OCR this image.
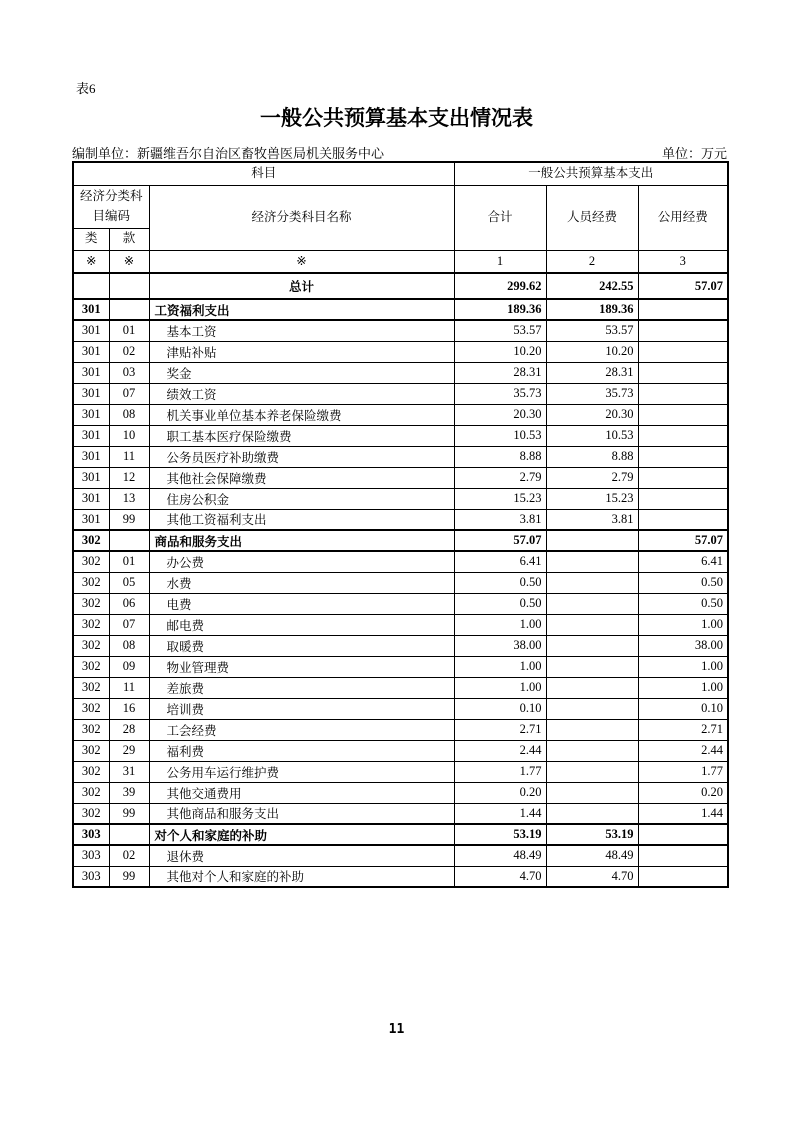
表6
一般公共预算基本支出情况表
编制单位：新疆维吾尔自治区畜牧兽医局机关服务中心	单位：万元
科目			一般公共预算基本支出		
经济分类科目编码		经济分类科目名称	合计	人员经费	公用经费
类	款				
※	※	※	1	2	3
		总计	299.62	242.55	57.07
301		工资福利支出	189.36	189.36	
301	01	基本工资	53.57	53.57	
301	02	津贴补贴	10.20	10.20	
301	03	奖金	28.31	28.31	
301	07	绩效工资	35.73	35.73	
301	08	机关事业单位基本养老保险缴费	20.30	20.30	
301	10	职工基本医疗保险缴费	10.53	10.53	
301	11	公务员医疗补助缴费	8.88	8.88	
301	12	其他社会保障缴费	2.79	2.79	
301	13	住房公积金	15.23	15.23	
301	99	其他工资福利支出	3.81	3.81	
302		商品和服务支出	57.07		57.07
302	01	办公费	6.41		6.41
302	05	水费	0.50		0.50
302	06	电费	0.50		0.50
302	07	邮电费	1.00		1.00
302	08	取暖费	38.00		38.00
302	09	物业管理费	1.00		1.00
302	11	差旅费	1.00		1.00
302	16	培训费	0.10		0.10
302	28	工会经费	2.71		2.71
302	29	福利费	2.44		2.44
302	31	公务用车运行维护费	1.77		1.77
302	39	其他交通费用	0.20		0.20
302	99	其他商品和服务支出	1.44		1.44
303		对个人和家庭的补助	53.19	53.19	
303	02	退休费	48.49	48.49	
303	99	其他对个人和家庭的补助	4.70	4.70	
11
